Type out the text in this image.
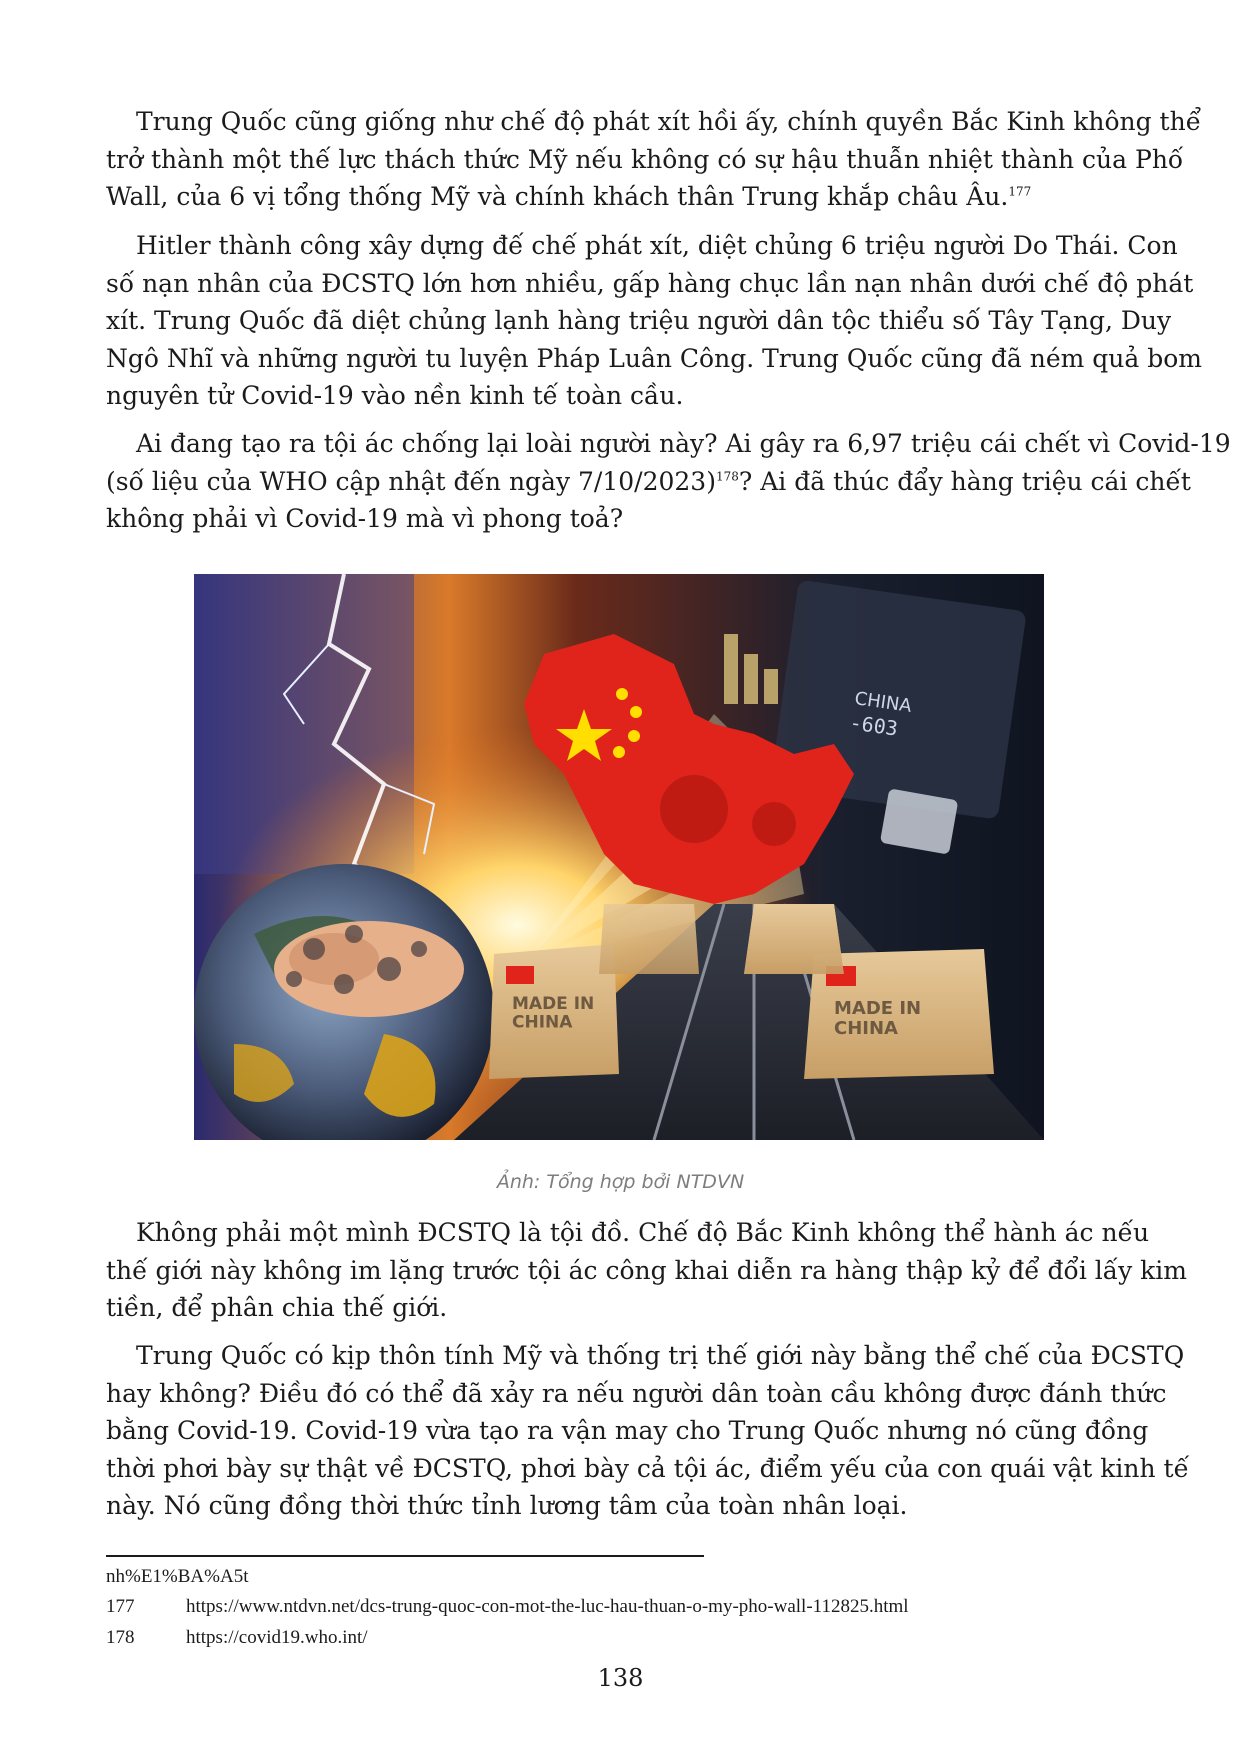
Trung Quốc cũng giống như chế độ phát xít hồi ấy, chính quyền Bắc Kinh không thể
trở thành một thế lực thách thức Mỹ nếu không có sự hậu thuẫn nhiệt thành của Phố
Wall, của 6 vị tổng thống Mỹ và chính khách thân Trung khắp châu Âu.$^{177}$
Hitler thành công xây dựng đế chế phát xít, diệt chủng 6 triệu người Do Thái. Con
số nạn nhân của ĐCSTQ lớn hơn nhiều, gấp hàng chục lần nạn nhân dưới chế độ phát
xít. Trung Quốc đã diệt chủng lạnh hàng triệu người dân tộc thiểu số Tây Tạng, Duy
Ngô Nhĩ và những người tu luyện Pháp Luân Công. Trung Quốc cũng đã ném quả bom
nguyên tử Covid-19 vào nền kinh tế toàn cầu.
Ai đang tạo ra tội ác chống lại loài người này? Ai gây ra 6,97 triệu cái chết vì Covid-19
(số liệu của WHO cập nhật đến ngày 7/10/2023)$^{178}$? Ai đã thúc đẩy hàng triệu cái chết
không phải vì Covid-19 mà vì phong toả?
CHINA
-603
MADE IN CHINA
MADE IN CHINA
Ảnh: Tổng hợp bởi NTDVN
Không phải một mình ĐCSTQ là tội đồ. Chế độ Bắc Kinh không thể hành ác nếu
thế giới này không im lặng trước tội ác công khai diễn ra hàng thập kỷ để đổi lấy kim
tiền, để phân chia thế giới.
Trung Quốc có kịp thôn tính Mỹ và thống trị thế giới này bằng thể chế của ĐCSTQ
hay không? Điều đó có thể đã xảy ra nếu người dân toàn cầu không được đánh thức
bằng Covid-19. Covid-19 vừa tạo ra vận may cho Trung Quốc nhưng nó cũng đồng
thời phơi bày sự thật về ĐCSTQ, phơi bày cả tội ác, điểm yếu của con quái vật kinh tế
này. Nó cũng đồng thời thức tỉnh lương tâm của toàn nhân loại.
nh%E1%BA%A5t
177	https://www.ntdvn.net/dcs-trung-quoc-con-mot-the-luc-hau-thuan-o-my-pho-wall-112825.html
178	https://covid19.who.int/
138
